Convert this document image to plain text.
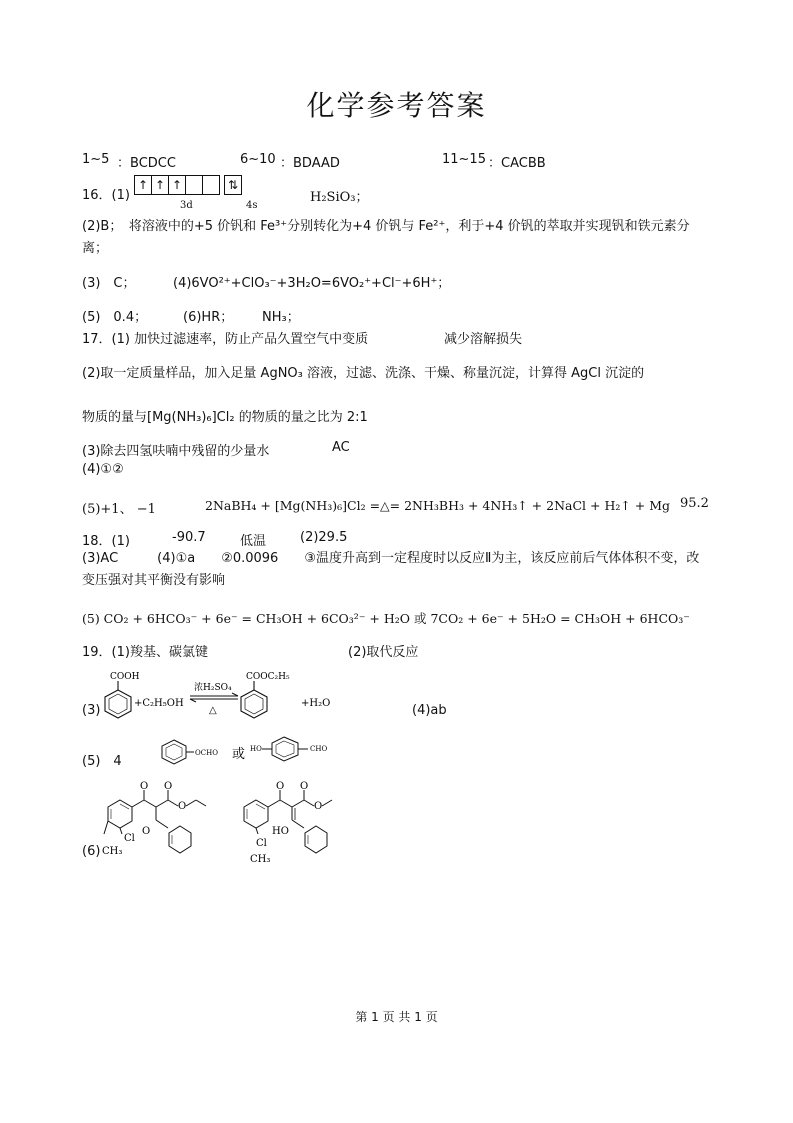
化学参考答案
1~5 ：BCDCC	6~10 ：BDAAD	11~15 ：CACBB
16．(1)
↑ ↑ ↑	⇅
3d	4s
H₂SiO₃；
(2)B；　将溶液中的+5 价钒和 Fe³⁺分别转化为+4 价钒与 Fe²⁺，利于+4 价钒的萃取并实现钒和铁元素分离；
(3)　C；	(4)6VO²⁺+ClO₃⁻+3H₂O=6VO₂⁺+Cl⁻+6H⁺；
(5)　0.4；	(6)HR； NH₃；
17．(1) 加快过滤速率，防止产品久置空气中变质	减少溶解损失
(2)取一定质量样品，加入足量 AgNO₃ 溶液，过滤、洗涤、干燥、称量沉淀，计算得 AgCl 沉淀的
物质的量与[Mg(NH₃)₆]Cl₂ 的物质的量之比为 2:1
(3)除去四氢呋喃中残留的少量水	AC
(4)①②
(5)+1、 −1	2NaBH₄ + [Mg(NH₃)₆]Cl₂ =△= 2NH₃BH₃ + 4NH₃↑ + 2NaCl + H₂↑ + Mg 95.2
18．(1)	-90.7	低温	(2)29.5
(3)AC　　　(4)①a　　②0.0096　　③温度升高到一定程度时以反应Ⅱ为主，该反应前后气体体积不变，改变压强对其平衡没有影响
(5) CO₂ + 6HCO₃⁻ + 6e⁻ = CH₃OH + 6CO₃²⁻ + H₂O 或 7CO₂ + 6e⁻ + 5H₂O = CH₃OH + 6HCO₃⁻
19．(1)羧基、碳氯键	(2)取代反应
(3)
COOH
+C₂H₅OH
浓H₂SO₄
△
COOC₂H₅
+H₂O	(4)ab
(5)　4
OCHO 或 HO	CHO
(6)
O O
O
O
Cl
CH₃
O O
O
HO
Cl
CH₃
第 1 页 共 1 页
